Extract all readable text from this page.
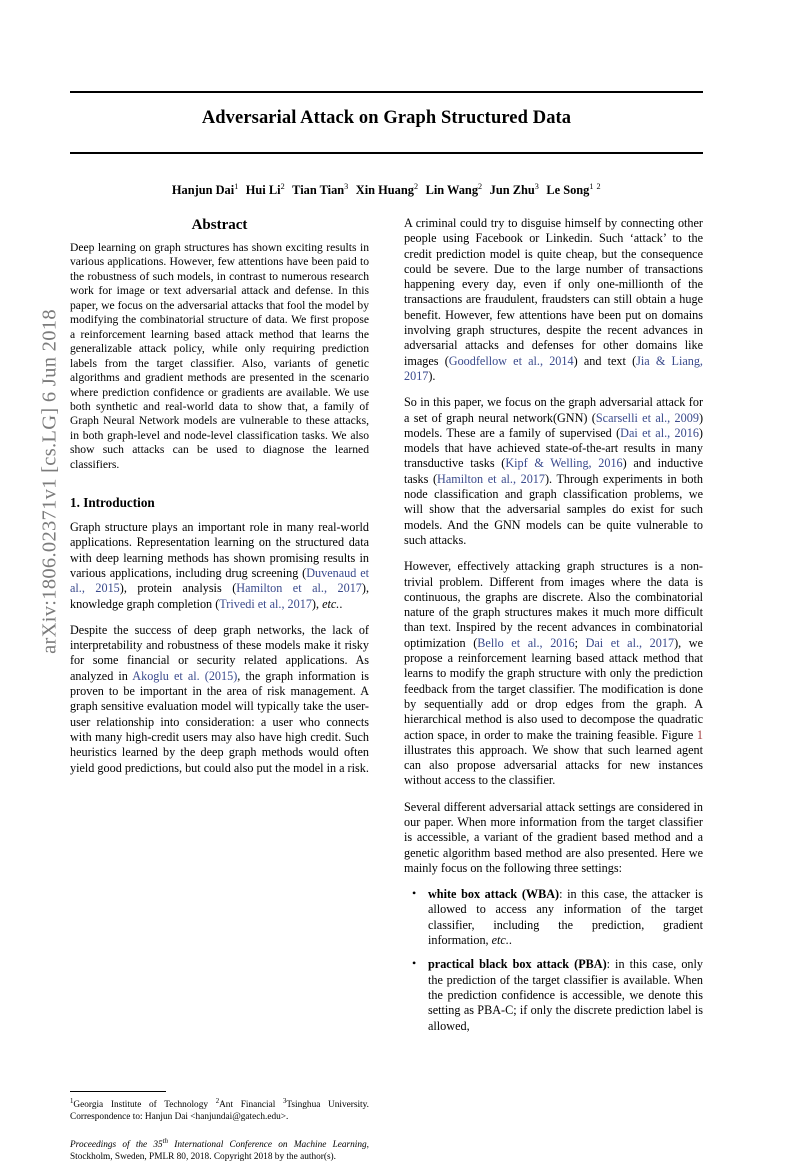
arXiv:1806.02371v1 [cs.LG] 6 Jun 2018
Adversarial Attack on Graph Structured Data
Hanjun Dai$^1$ Hui Li$^2$ Tian Tian$^3$ Xin Huang$^2$ Lin Wang$^2$ Jun Zhu$^3$ Le Song$^{1 2}$
Abstract

Deep learning on graph structures has shown exciting results in various applications. However, few attentions have been paid to the robustness of such models, in contrast to numerous research work for image or text adversarial attack and defense. In this paper, we focus on the adversarial attacks that fool the model by modifying the combinatorial structure of data. We first propose a reinforcement learning based attack method that learns the generalizable attack policy, while only requiring prediction labels from the target classifier. Also, variants of genetic algorithms and gradient methods are presented in the scenario where prediction confidence or gradients are available. We use both synthetic and real-world data to show that, a family of Graph Neural Network models are vulnerable to these attacks, in both graph-level and node-level classification tasks. We also show such attacks can be used to diagnose the learned classifiers.

1. Introduction

Graph structure plays an important role in many real-world applications. Representation learning on the structured data with deep learning methods has shown promising results in various applications, including drug screening (Duvenaud et al., 2015), protein analysis (Hamilton et al., 2017), knowledge graph completion (Trivedi et al., 2017), etc..

Despite the success of deep graph networks, the lack of interpretability and robustness of these models make it risky for some financial or security related applications. As analyzed in Akoglu et al. (2015), the graph information is proven to be important in the area of risk management. A graph sensitive evaluation model will typically take the user-user relationship into consideration: a user who connects with many high-credit users may also have high credit. Such heuristics learned by the deep graph methods would often yield good predictions, but could also put the model in a risk.

$^1$Georgia Institute of Technology $^2$Ant Financial $^3$Tsinghua University. Correspondence to: Hanjun Dai <hanjundai@gatech.edu>.

Proceedings of the 35th International Conference on Machine Learning, Stockholm, Sweden, PMLR 80, 2018. Copyright 2018 by the author(s).

A criminal could try to disguise himself by connecting other people using Facebook or Linkedin. Such ‘attack’ to the credit prediction model is quite cheap, but the consequence could be severe. Due to the large number of transactions happening every day, even if only one-millionth of the transactions are fraudulent, fraudsters can still obtain a huge benefit. However, few attentions have been put on domains involving graph structures, despite the recent advances in adversarial attacks and defenses for other domains like images (Goodfellow et al., 2014) and text (Jia & Liang, 2017).

So in this paper, we focus on the graph adversarial attack for a set of graph neural network(GNN) (Scarselli et al., 2009) models. These are a family of supervised (Dai et al., 2016) models that have achieved state-of-the-art results in many transductive tasks (Kipf & Welling, 2016) and inductive tasks (Hamilton et al., 2017). Through experiments in both node classification and graph classification problems, we will show that the adversarial samples do exist for such models. And the GNN models can be quite vulnerable to such attacks.

However, effectively attacking graph structures is a non-trivial problem. Different from images where the data is continuous, the graphs are discrete. Also the combinatorial nature of the graph structures makes it much more difficult than text. Inspired by the recent advances in combinatorial optimization (Bello et al., 2016; Dai et al., 2017), we propose a reinforcement learning based attack method that learns to modify the graph structure with only the prediction feedback from the target classifier. The modification is done by sequentially add or drop edges from the graph. A hierarchical method is also used to decompose the quadratic action space, in order to make the training feasible. Figure 1 illustrates this approach. We show that such learned agent can also propose adversarial attacks for new instances without access to the classifier.

Several different adversarial attack settings are considered in our paper. When more information from the target classifier is accessible, a variant of the gradient based method and a genetic algorithm based method are also presented. Here we mainly focus on the following three settings:

• white box attack (WBA): in this case, the attacker is allowed to access any information of the target classifier, including the prediction, gradient information, etc..
• practical black box attack (PBA): in this case, only the prediction of the target classifier is available. When the prediction confidence is accessible, we denote this setting as PBA-C; if only the discrete prediction label is allowed,
